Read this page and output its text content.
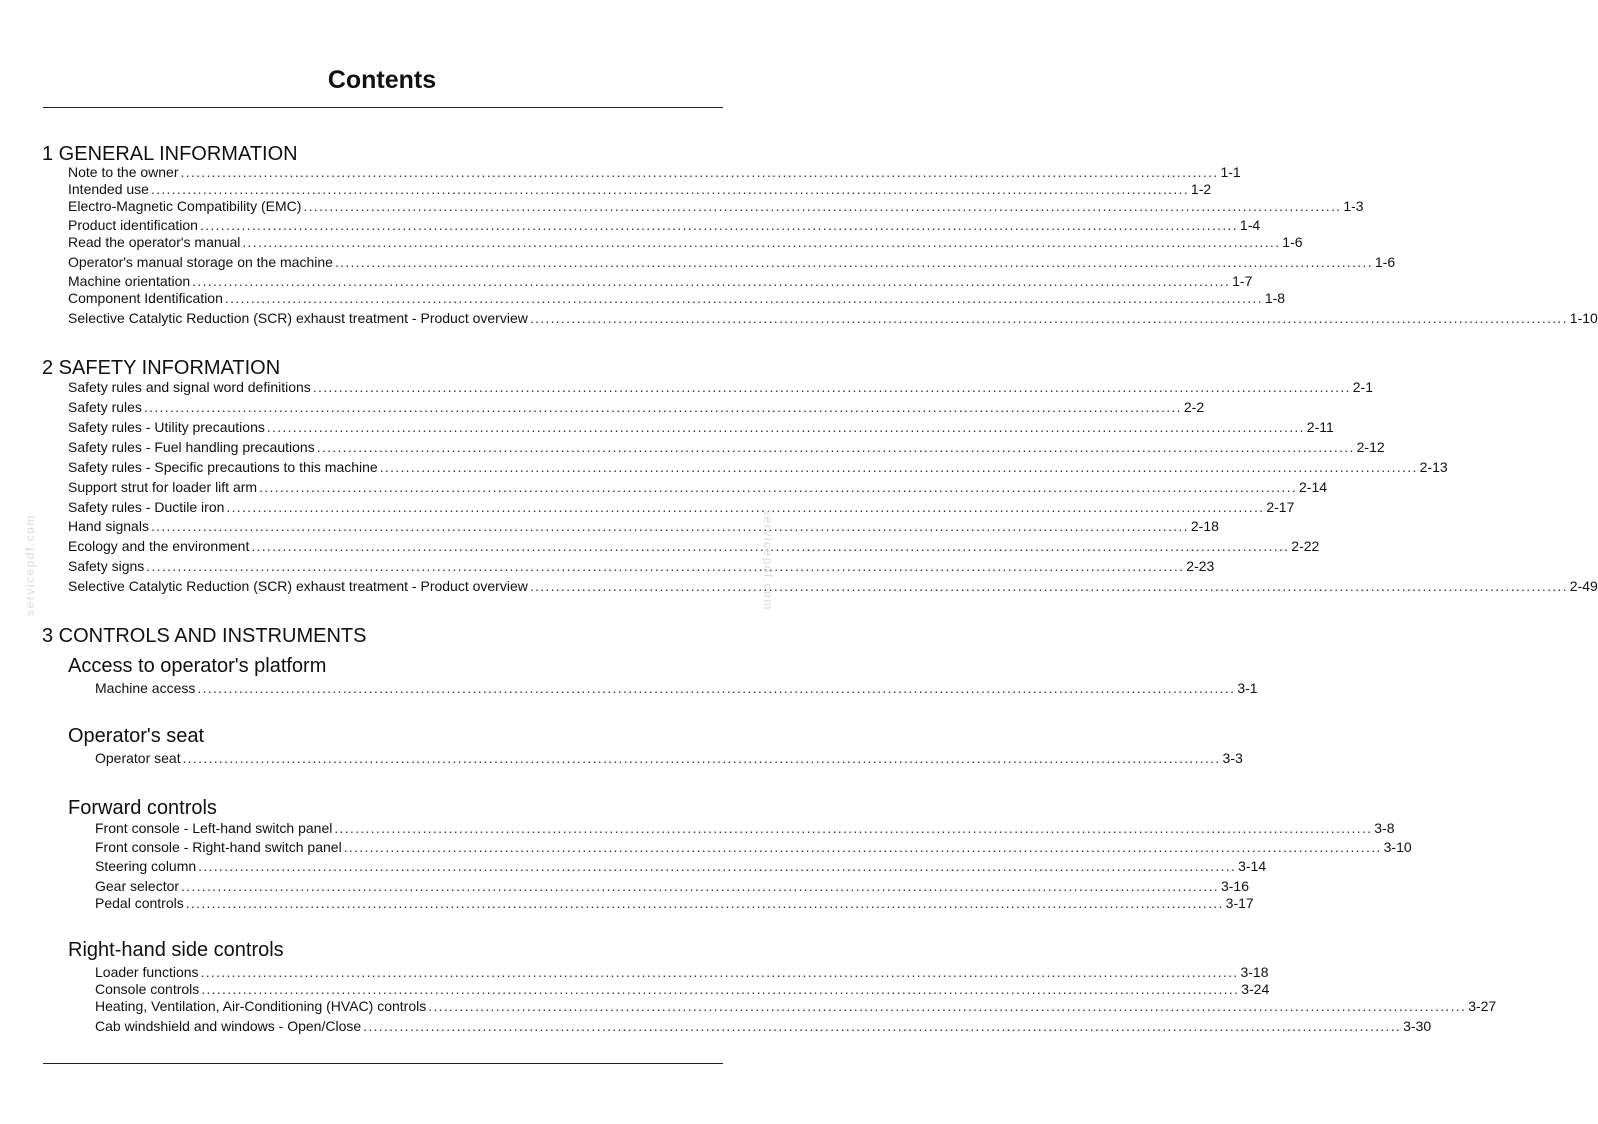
Contents
1 GENERAL INFORMATION
Note to the owner ........................................................................................................................................................................................................ 1-1
Intended use ........................................................................................................................................................................................................ 1-2
Electro-Magnetic Compatibility (EMC) ........................................................................................................................................................................................................ 1-3
Product identification ........................................................................................................................................................................................................ 1-4
Read the operator's manual ........................................................................................................................................................................................................ 1-6
Operator's manual storage on the machine ........................................................................................................................................................................................................ 1-6
Machine orientation ........................................................................................................................................................................................................ 1-7
Component Identification ........................................................................................................................................................................................................ 1-8
Selective Catalytic Reduction (SCR) exhaust treatment - Product overview ........................................................................................................................................................................................................ 1-10
2 SAFETY INFORMATION
Safety rules and signal word definitions ........................................................................................................................................................................................................ 2-1
Safety rules ........................................................................................................................................................................................................ 2-2
Safety rules - Utility precautions ........................................................................................................................................................................................................ 2-11
Safety rules - Fuel handling precautions ........................................................................................................................................................................................................ 2-12
Safety rules - Specific precautions to this machine ........................................................................................................................................................................................................ 2-13
Support strut for loader lift arm ........................................................................................................................................................................................................ 2-14
Safety rules - Ductile iron ........................................................................................................................................................................................................ 2-17
Hand signals ........................................................................................................................................................................................................ 2-18
Ecology and the environment ........................................................................................................................................................................................................ 2-22
Safety signs ........................................................................................................................................................................................................ 2-23
Selective Catalytic Reduction (SCR) exhaust treatment - Product overview ........................................................................................................................................................................................................ 2-49
3 CONTROLS AND INSTRUMENTS
Access to operator's platform
Machine access ........................................................................................................................................................................................................ 3-1
Operator's seat
Operator seat ........................................................................................................................................................................................................ 3-3
Forward controls
Front console - Left-hand switch panel ........................................................................................................................................................................................................ 3-8
Front console - Right-hand switch panel ........................................................................................................................................................................................................ 3-10
Steering column ........................................................................................................................................................................................................ 3-14
Gear selector ........................................................................................................................................................................................................ 3-16
Pedal controls ........................................................................................................................................................................................................ 3-17
Right-hand side controls
Loader functions ........................................................................................................................................................................................................ 3-18
Console controls ........................................................................................................................................................................................................ 3-24
Heating, Ventilation, Air-Conditioning (HVAC) controls ........................................................................................................................................................................................................ 3-27
Cab windshield and windows - Open/Close ........................................................................................................................................................................................................ 3-30
servicepdf.com	servicepdf.com
